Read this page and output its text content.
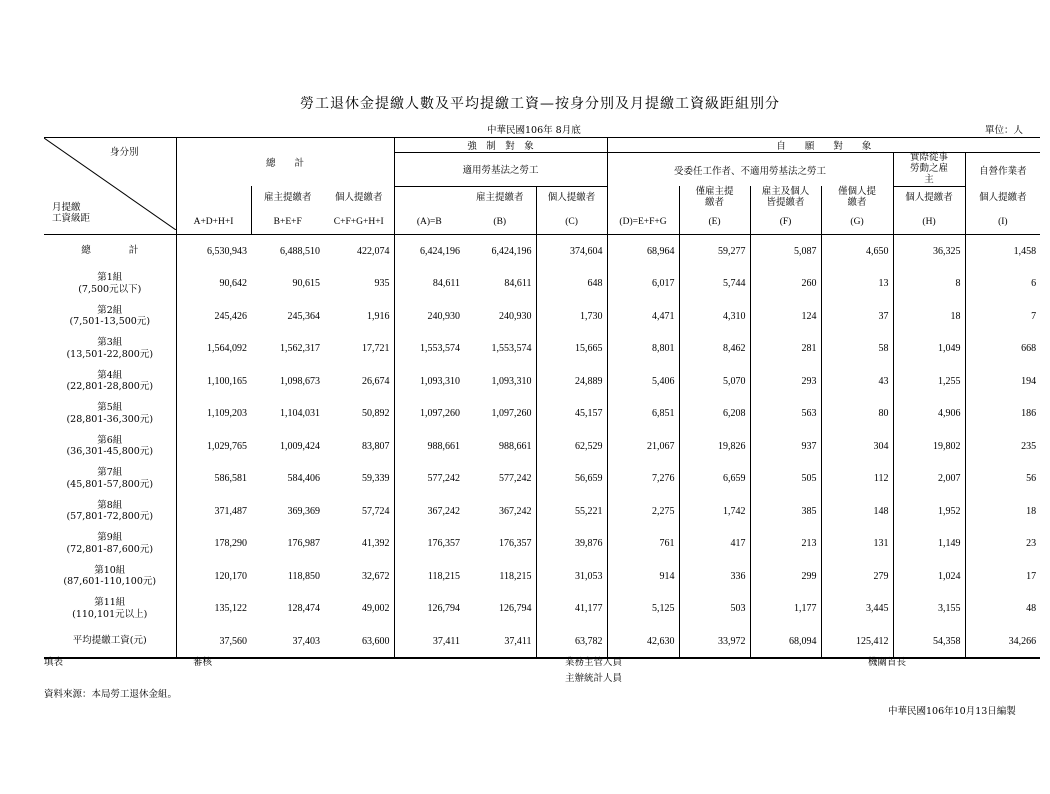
勞工退休金提繳人數及平均提繳工資—按身分別及月提繳工資級距組別分
中華民國106年 8月底	單位：人
身分別
月提繳
工資級距	總　　計			強　制　對　象			自　　願　　對　　象					
				適用勞基法之勞工			受委任工作者、不適用勞基法之勞工				實際從事勞動之雇主	自營作業者
		雇主提繳者	個人提繳者		雇主提繳者	個人提繳者		僅雇主提繳者	雇主及個人皆提繳者	僅個人提繳者	個人提繳者	個人提繳者
	A+D+H+I	B+E+F	C+F+G+H+I	(A)=B	(B)	(C)	(D)=E+F+G	(E)	(F)	(G)	(H)	(I)
總　　　　計	6,530,943	6,488,510	422,074	6,424,196	6,424,196	374,604	68,964	59,277	5,087	4,650	36,325	1,458
第1組
(7,500元以下)	90,642	90,615	935	84,611	84,611	648	6,017	5,744	260	13	8	6
第2組
(7,501-13,500元)	245,426	245,364	1,916	240,930	240,930	1,730	4,471	4,310	124	37	18	7
第3組
(13,501-22,800元)	1,564,092	1,562,317	17,721	1,553,574	1,553,574	15,665	8,801	8,462	281	58	1,049	668
第4組
(22,801-28,800元)	1,100,165	1,098,673	26,674	1,093,310	1,093,310	24,889	5,406	5,070	293	43	1,255	194
第5組
(28,801-36,300元)	1,109,203	1,104,031	50,892	1,097,260	1,097,260	45,157	6,851	6,208	563	80	4,906	186
第6組
(36,301-45,800元)	1,029,765	1,009,424	83,807	988,661	988,661	62,529	21,067	19,826	937	304	19,802	235
第7組
(45,801-57,800元)	586,581	584,406	59,339	577,242	577,242	56,659	7,276	6,659	505	112	2,007	56
第8組
(57,801-72,800元)	371,487	369,369	57,724	367,242	367,242	55,221	2,275	1,742	385	148	1,952	18
第9組
(72,801-87,600元)	178,290	176,987	41,392	176,357	176,357	39,876	761	417	213	131	1,149	23
第10組
(87,601-110,100元)	120,170	118,850	32,672	118,215	118,215	31,053	914	336	299	279	1,024	17
第11組
(110,101元以上)	135,122	128,474	49,002	126,794	126,794	41,177	5,125	503	1,177	3,445	3,155	48
平均提繳工資(元)	37,560	37,403	63,600	37,411	37,411	63,782	42,630	33,972	68,094	125,412	54,358	34,266
填表	審核	業務主管人員
主辦統計人員
機關首長
資料來源：本局勞工退休金組。
中華民國106年10月13日編製
